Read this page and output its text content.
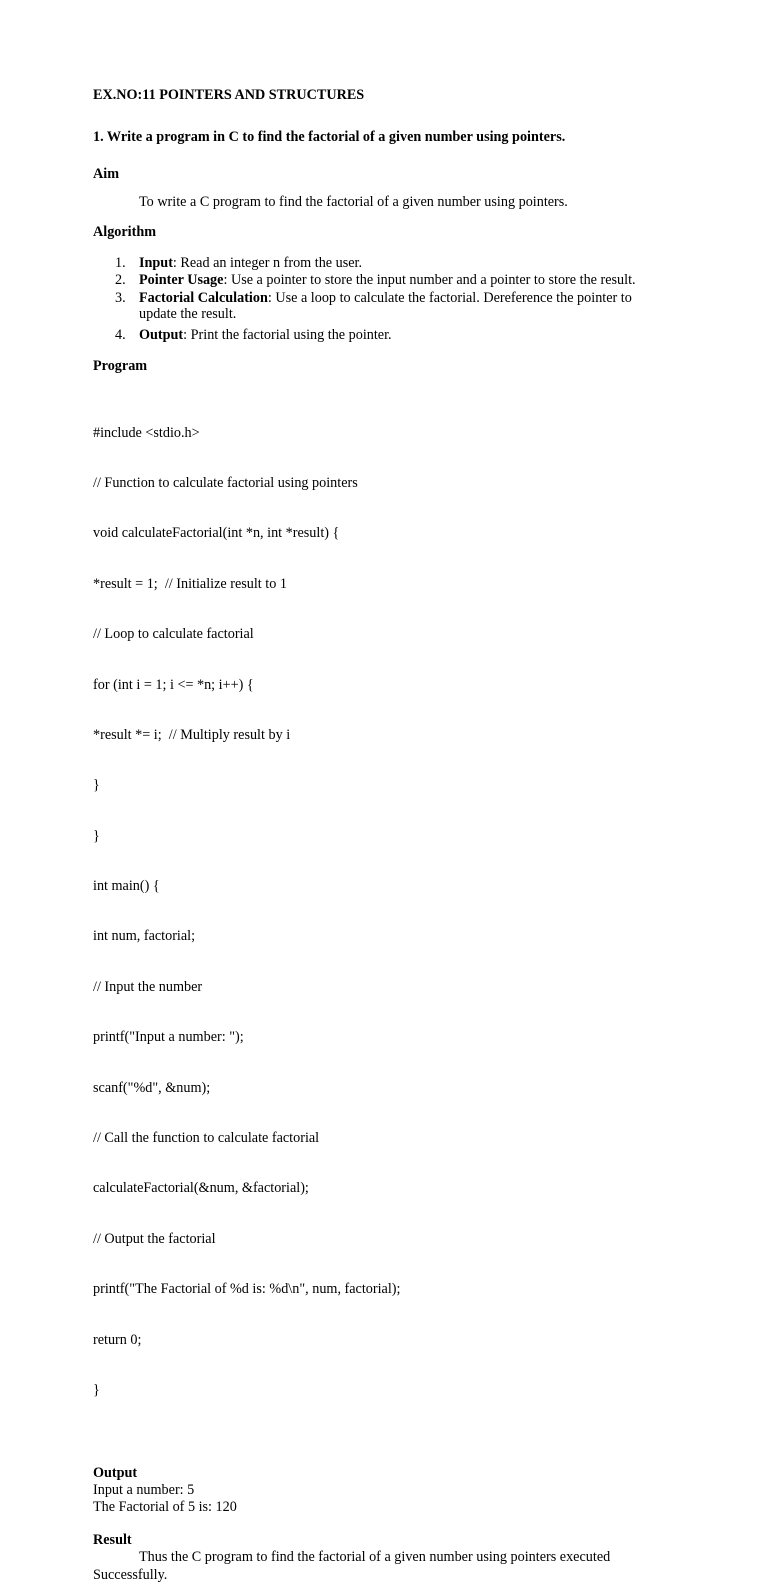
EX.NO:11 POINTERS AND STRUCTURES
1. Write a program in C to find the factorial of a given number using pointers.
Aim
To write a C program to find the factorial of a given number using pointers.
Algorithm
1. Input: Read an integer n from the user.
2. Pointer Usage: Use a pointer to store the input number and a pointer to store the result.
3. Factorial Calculation: Use a loop to calculate the factorial. Dereference the pointer to update the result.
4. Output: Print the factorial using the pointer.
Program

#include <stdio.h>

// Function to calculate factorial using pointers

void calculateFactorial(int *n, int *result) {

*result = 1;  // Initialize result to 1

// Loop to calculate factorial

for (int i = 1; i <= *n; i++) {

*result *= i;  // Multiply result by i

}

}

int main() {

int num, factorial;

// Input the number

printf("Input a number: ");

scanf("%d", &num);

// Call the function to calculate factorial

calculateFactorial(&num, &factorial);

// Output the factorial

printf("The Factorial of %d is: %d\n", num, factorial);

return 0;

}

Output
Input a number: 5
The Factorial of 5 is: 120
Result
Thus the C program to find the factorial of a given number using pointers executed Successfully.
